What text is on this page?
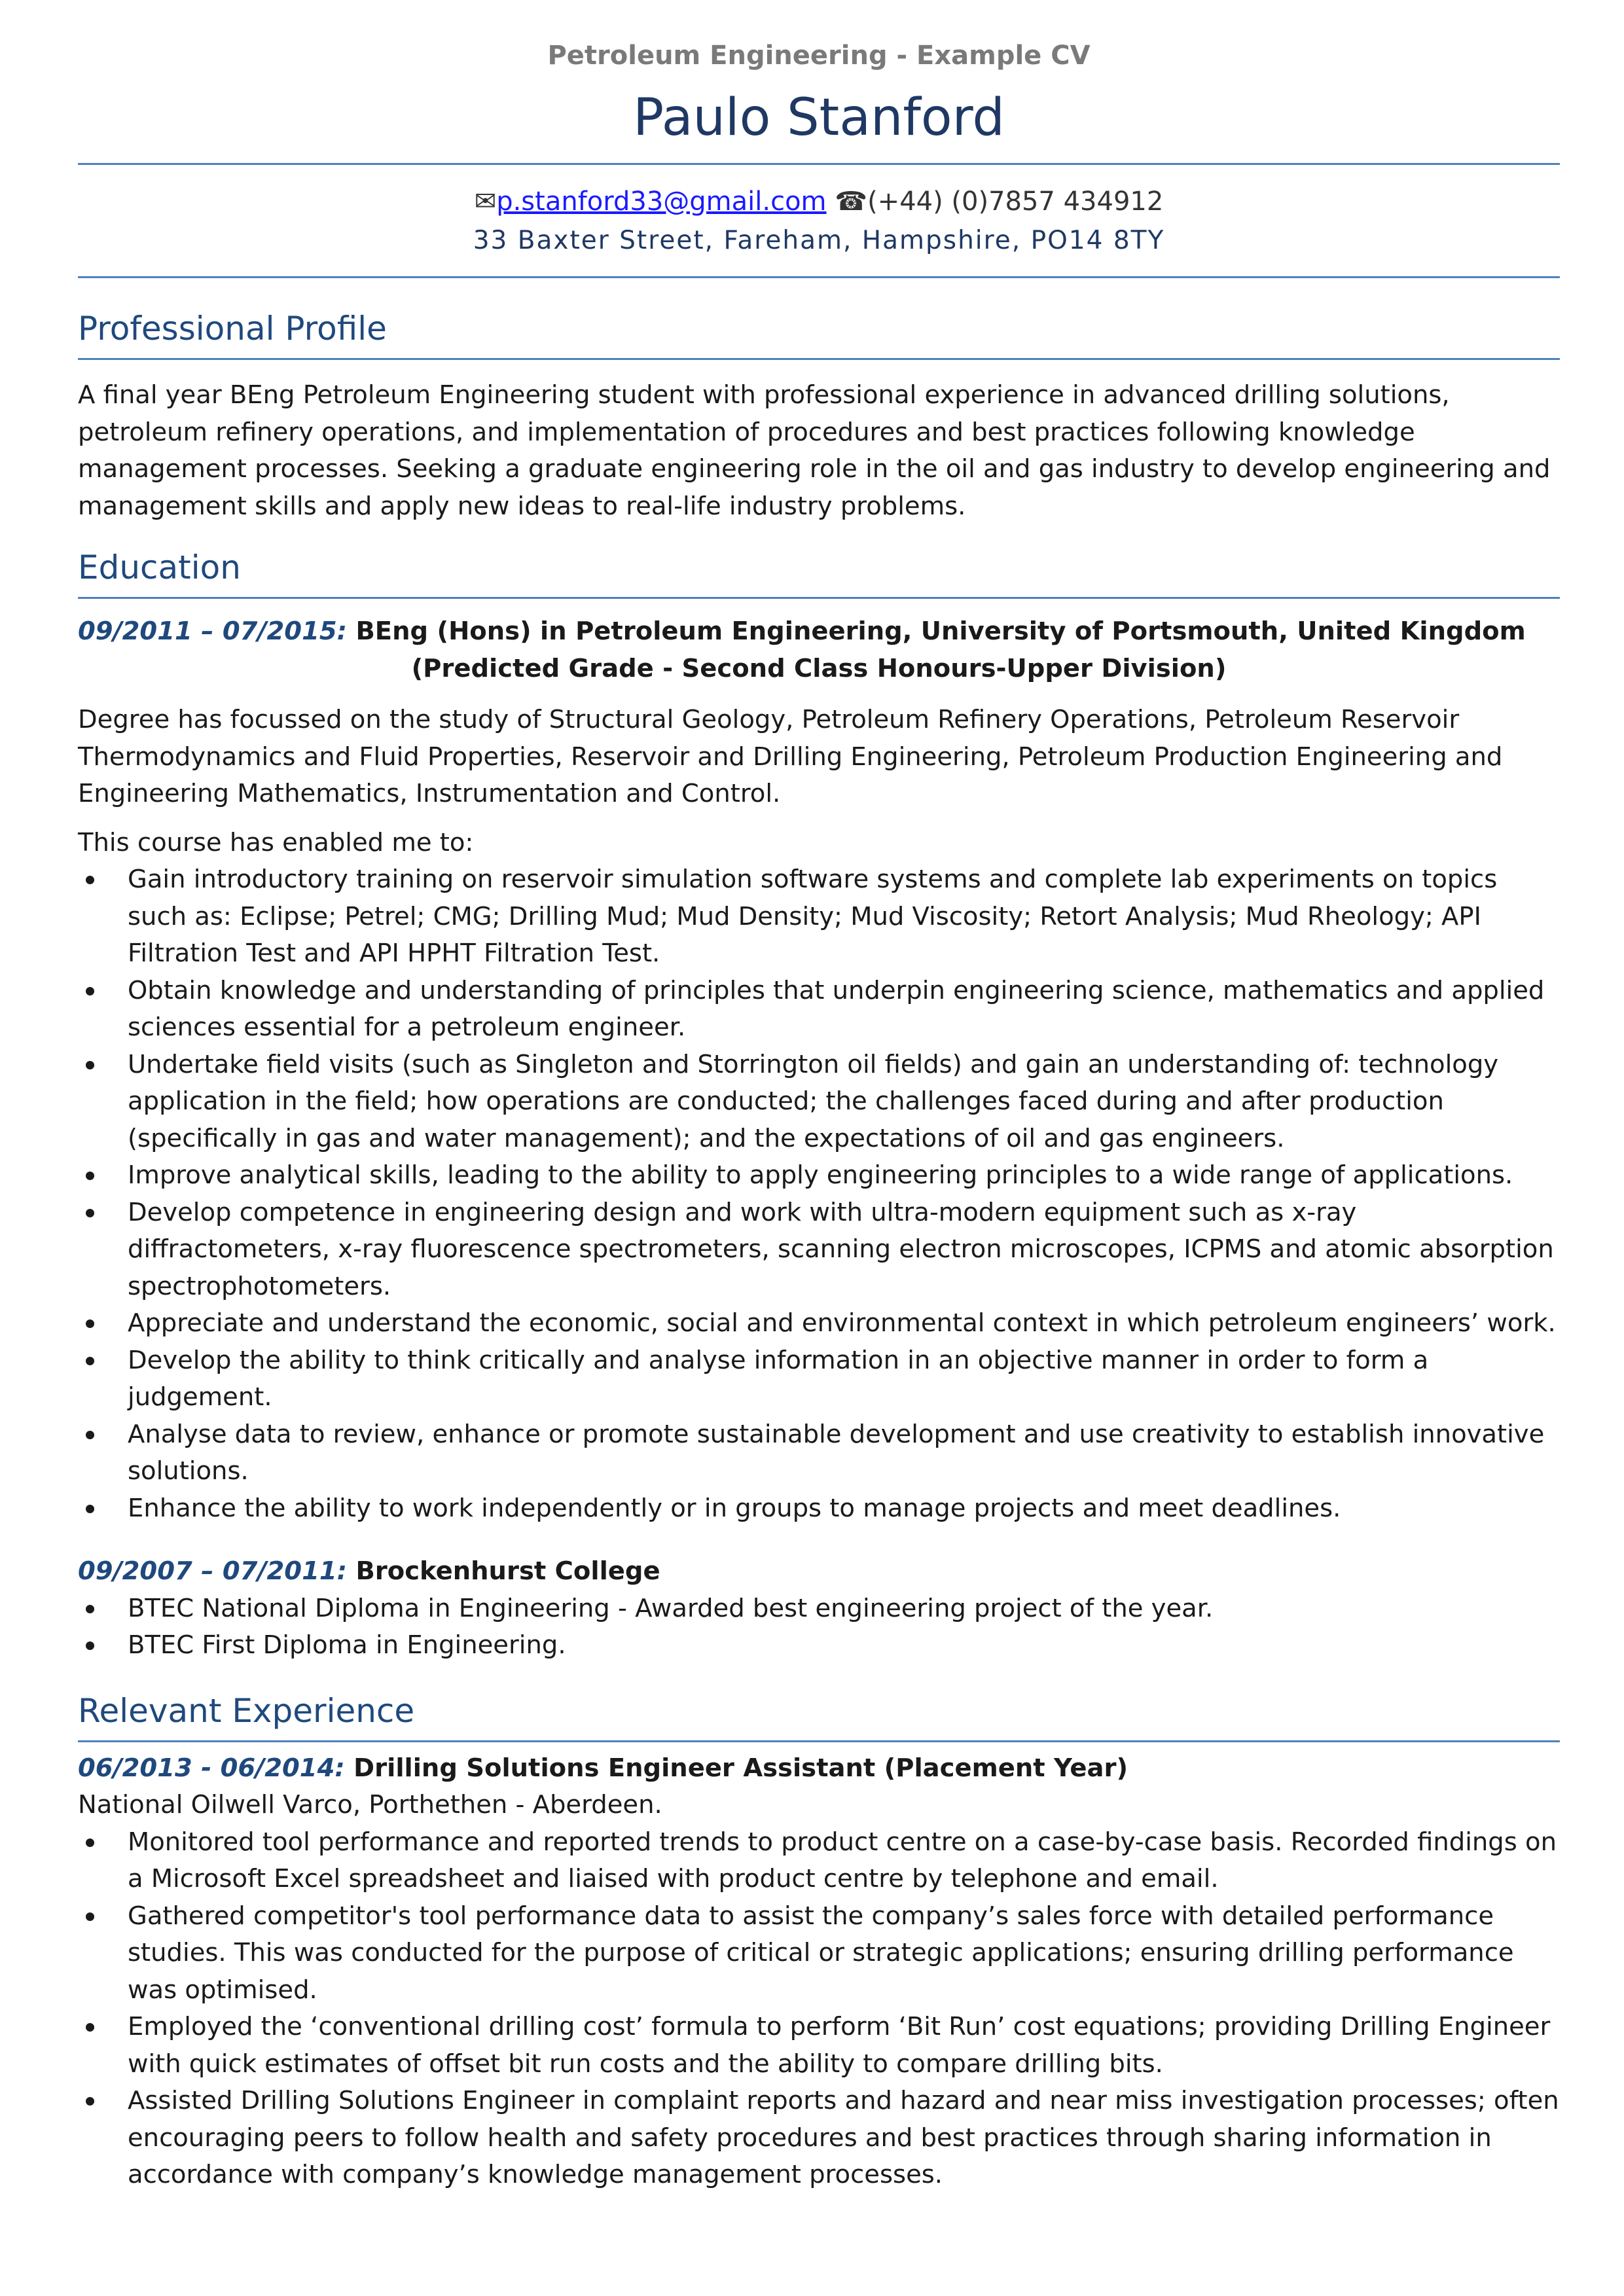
Petroleum Engineering - Example CV
Paulo Stanford
✉p.stanford33@gmail.com ☎(+44) (0)7857 434912
33 Baxter Street, Fareham, Hampshire, PO14 8TY
Professional Profile

A final year BEng Petroleum Engineering student with professional experience in advanced drilling solutions, petroleum refinery operations, and implementation of procedures and best practices following knowledge management processes. Seeking a graduate engineering role in the oil and gas industry to develop engineering and management skills and apply new ideas to real-life industry problems.

Education

09/2011 – 07/2015: BEng (Hons) in Petroleum Engineering, University of Portsmouth, United Kingdom

(Predicted Grade - Second Class Honours-Upper Division)

Degree has focussed on the study of Structural Geology, Petroleum Refinery Operations, Petroleum Reservoir Thermodynamics and Fluid Properties, Reservoir and Drilling Engineering, Petroleum Production Engineering and Engineering Mathematics, Instrumentation and Control.

This course has enabled me to:

Gain introductory training on reservoir simulation software systems and complete lab experiments on topics such as: Eclipse; Petrel; CMG; Drilling Mud; Mud Density; Mud Viscosity; Retort Analysis; Mud Rheology; API Filtration Test and API HPHT Filtration Test.
Obtain knowledge and understanding of principles that underpin engineering science, mathematics and applied sciences essential for a petroleum engineer.
Undertake field visits (such as Singleton and Storrington oil fields) and gain an understanding of: technology application in the field; how operations are conducted; the challenges faced during and after production (specifically in gas and water management); and the expectations of oil and gas engineers.
Improve analytical skills, leading to the ability to apply engineering principles to a wide range of applications.
Develop competence in engineering design and work with ultra-modern equipment such as x-ray diffractometers, x-ray fluorescence spectrometers, scanning electron microscopes, ICPMS and atomic absorption spectrophotometers.
Appreciate and understand the economic, social and environmental context in which petroleum engineers’ work.
Develop the ability to think critically and analyse information in an objective manner in order to form a judgement.
Analyse data to review, enhance or promote sustainable development and use creativity to establish innovative solutions.
Enhance the ability to work independently or in groups to manage projects and meet deadlines.

09/2007 – 07/2011: Brockenhurst College

BTEC National Diploma in Engineering - Awarded best engineering project of the year.
BTEC First Diploma in Engineering.
Relevant Experience

06/2013 - 06/2014: Drilling Solutions Engineer Assistant (Placement Year)

National Oilwell Varco, Porthethen - Aberdeen.

Monitored tool performance and reported trends to product centre on a case-by-case basis. Recorded findings on a Microsoft Excel spreadsheet and liaised with product centre by telephone and email.
Gathered competitor's tool performance data to assist the company’s sales force with detailed performance studies. This was conducted for the purpose of critical or strategic applications; ensuring drilling performance was optimised.
Employed the ‘conventional drilling cost’ formula to perform ‘Bit Run’ cost equations; providing Drilling Engineer with quick estimates of offset bit run costs and the ability to compare drilling bits.
Assisted Drilling Solutions Engineer in complaint reports and hazard and near miss investigation processes; often encouraging peers to follow health and safety procedures and best practices through sharing information in accordance with company’s knowledge management processes.
